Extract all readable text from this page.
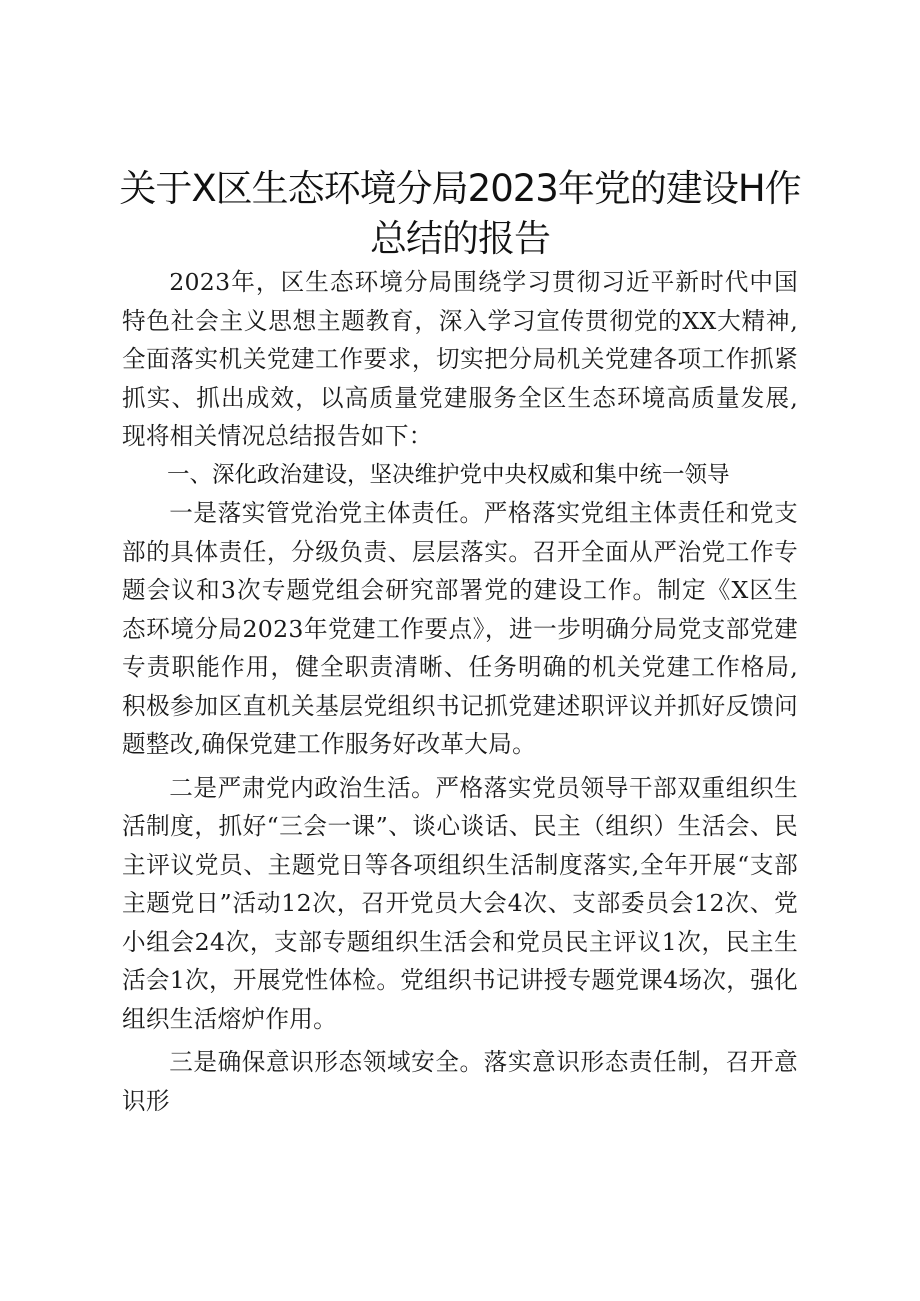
关于X区生态环境分局2023年党的建设H作
总结的报告

2023年，区生态环境分局围绕学习贯彻习近平新时代中国特色社会主义思想主题教育，深入学习宣传贯彻党的XX大精神,全面落实机关党建工作要求，切实把分局机关党建各项工作抓紧抓实、抓出成效，以高质量党建服务全区生态环境高质量发展,现将相关情况总结报告如下：

一、深化政治建设，坚决维护党中央权威和集中统一领导

一是落实管党治党主体责任。严格落实党组主体责任和党支部的具体责任，分级负责、层层落实。召开全面从严治党工作专题会议和3次专题党组会研究部署党的建设工作。制定《X区生态环境分局2023年党建工作要点》，进一步明确分局党支部党建专责职能作用，健全职责清晰、任务明确的机关党建工作格局,积极参加区直机关基层党组织书记抓党建述职评议并抓好反馈问题整改,确保党建工作服务好改革大局。

二是严肃党内政治生活。严格落实党员领导干部双重组织生活制度，抓好“三会一课”、谈心谈话、民主（组织）生活会、民主评议党员、主题党日等各项组织生活制度落实,全年开展“支部主题党日”活动12次，召开党员大会4次、支部委员会12次、党小组会24次，支部专题组织生活会和党员民主评议1次，民主生活会1次，开展党性体检。党组织书记讲授专题党课4场次，强化组织生活熔炉作用。

三是确保意识形态领域安全。落实意识形态责任制，召开意识形
